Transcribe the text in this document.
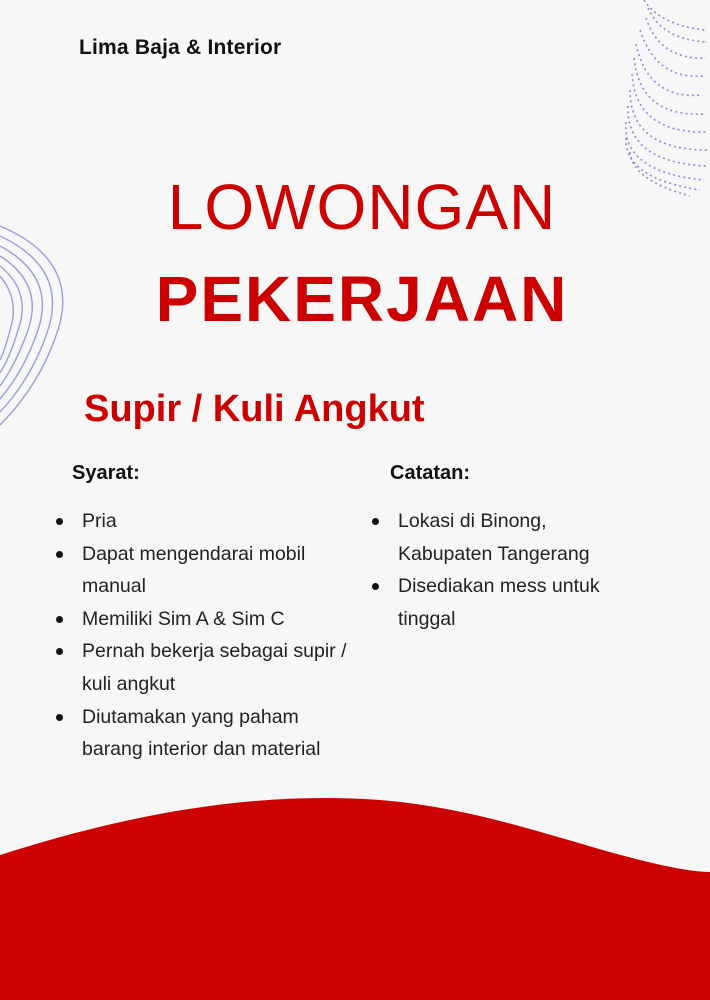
Lima Baja & Interior
LOWONGAN
PEKERJAAN
Supir / Kuli Angkut
Syarat:	Catatan:
Pria
Dapat mengendarai mobil manual
Memiliki Sim A & Sim C
Pernah bekerja sebagai supir / kuli angkut
Diutamakan yang paham barang interior dan material
Lokasi di Binong, Kabupaten Tangerang
Disediakan mess untuk tinggal
